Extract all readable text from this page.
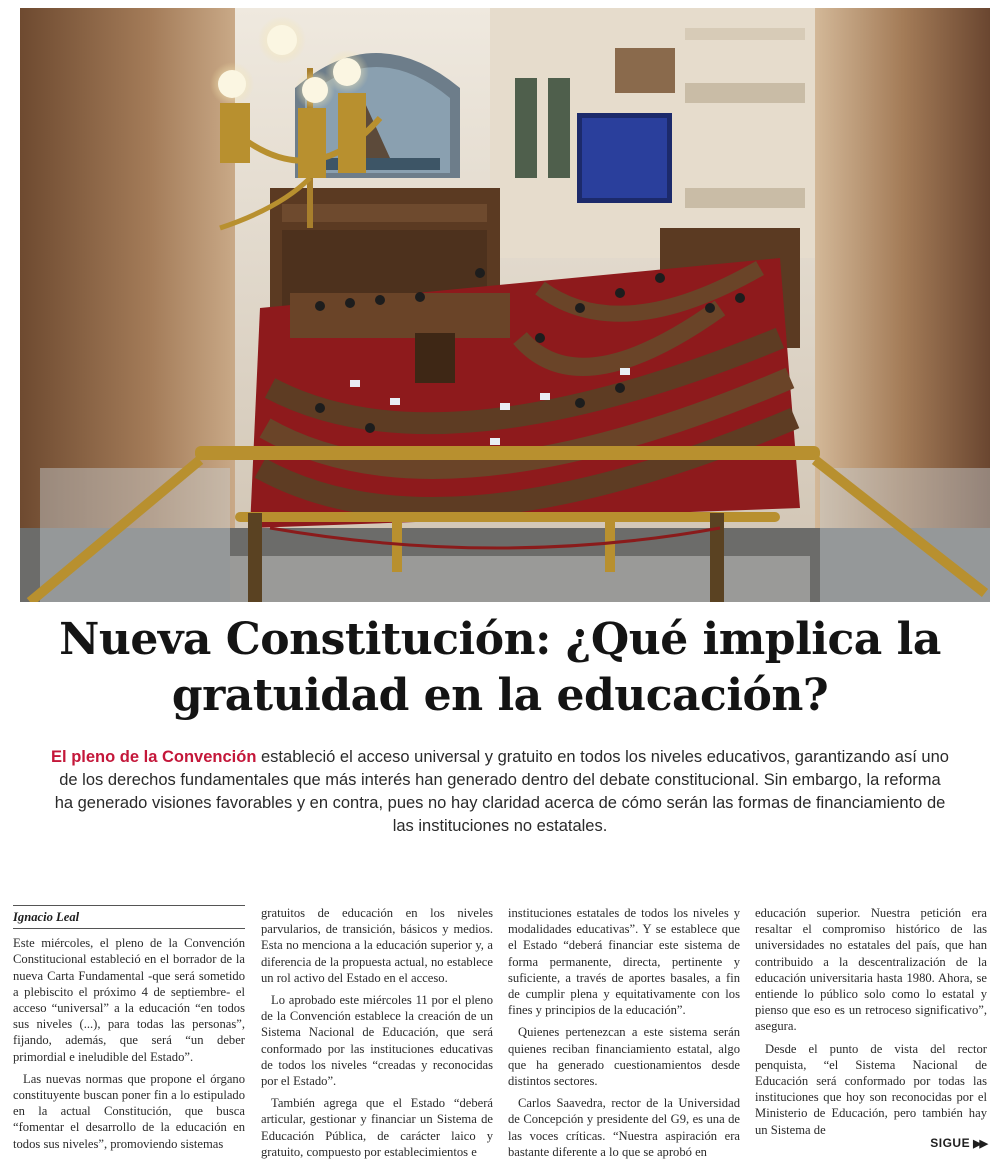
Nueva Constitución: ¿Qué implica la
gratuidad en la educación?

El pleno de la Convención estableció el acceso universal y gratuito en todos los niveles educativos, garantizando así uno de los derechos fundamentales que más interés han generado dentro del debate constitucional. Sin embargo, la reforma ha generado visiones favorables y en contra, pues no hay claridad acerca de cómo serán las formas de financiamiento de las instituciones no estatales.

Ignacio Leal

Este miércoles, el pleno de la Convención Constitucional estableció en el borrador de la nueva Carta Fundamental -que será sometido a plebiscito el próximo 4 de septiembre- el acceso “universal” a la educación “en todos sus niveles (...), para todas las personas”, fijando, además, que será “un deber primordial e ineludible del Estado”.

Las nuevas normas que propone el órgano constituyente buscan poner fin a lo estipulado en la actual Constitución, que busca “fomentar el desarrollo de la educación en todos sus niveles”, promoviendo sistemas

gratuitos de educación en los niveles parvularios, de transición, básicos y medios. Esta no menciona a la educación superior y, a diferencia de la propuesta actual, no establece un rol activo del Estado en el acceso.

Lo aprobado este miércoles 11 por el pleno de la Convención establece la creación de un Sistema Nacional de Educación, que será conformado por las instituciones educativas de todos los niveles “creadas y reconocidas por el Estado”.

También agrega que el Estado “deberá articular, gestionar y financiar un Sistema de Educación Pública, de carácter laico y gratuito, compuesto por establecimientos e

instituciones estatales de todos los niveles y modalidades educativas”. Y se establece que el Estado “deberá financiar este sistema de forma permanente, directa, pertinente y suficiente, a través de aportes basales, a fin de cumplir plena y equitativamente con los fines y principios de la educación”.

Quienes pertenezcan a este sistema serán quienes reciban financiamiento estatal, algo que ha generado cuestionamientos desde distintos sectores.

Carlos Saavedra, rector de la Universidad de Concepción y presidente del G9, es una de las voces críticas. “Nuestra aspiración era bastante diferente a lo que se aprobó en

educación superior. Nuestra petición era resaltar el compromiso histórico de las universidades no estatales del país, que han contribuido a la descentralización de la educación universitaria hasta 1980. Ahora, se entiende lo público solo como lo estatal y pienso que eso es un retroceso significativo”, asegura.

Desde el punto de vista del rector penquista, “el Sistema Nacional de Educación será conformado por todas las instituciones que hoy son reconocidas por el Ministerio de Educación, pero también hay un Sistema de

SIGUE ▶▶
